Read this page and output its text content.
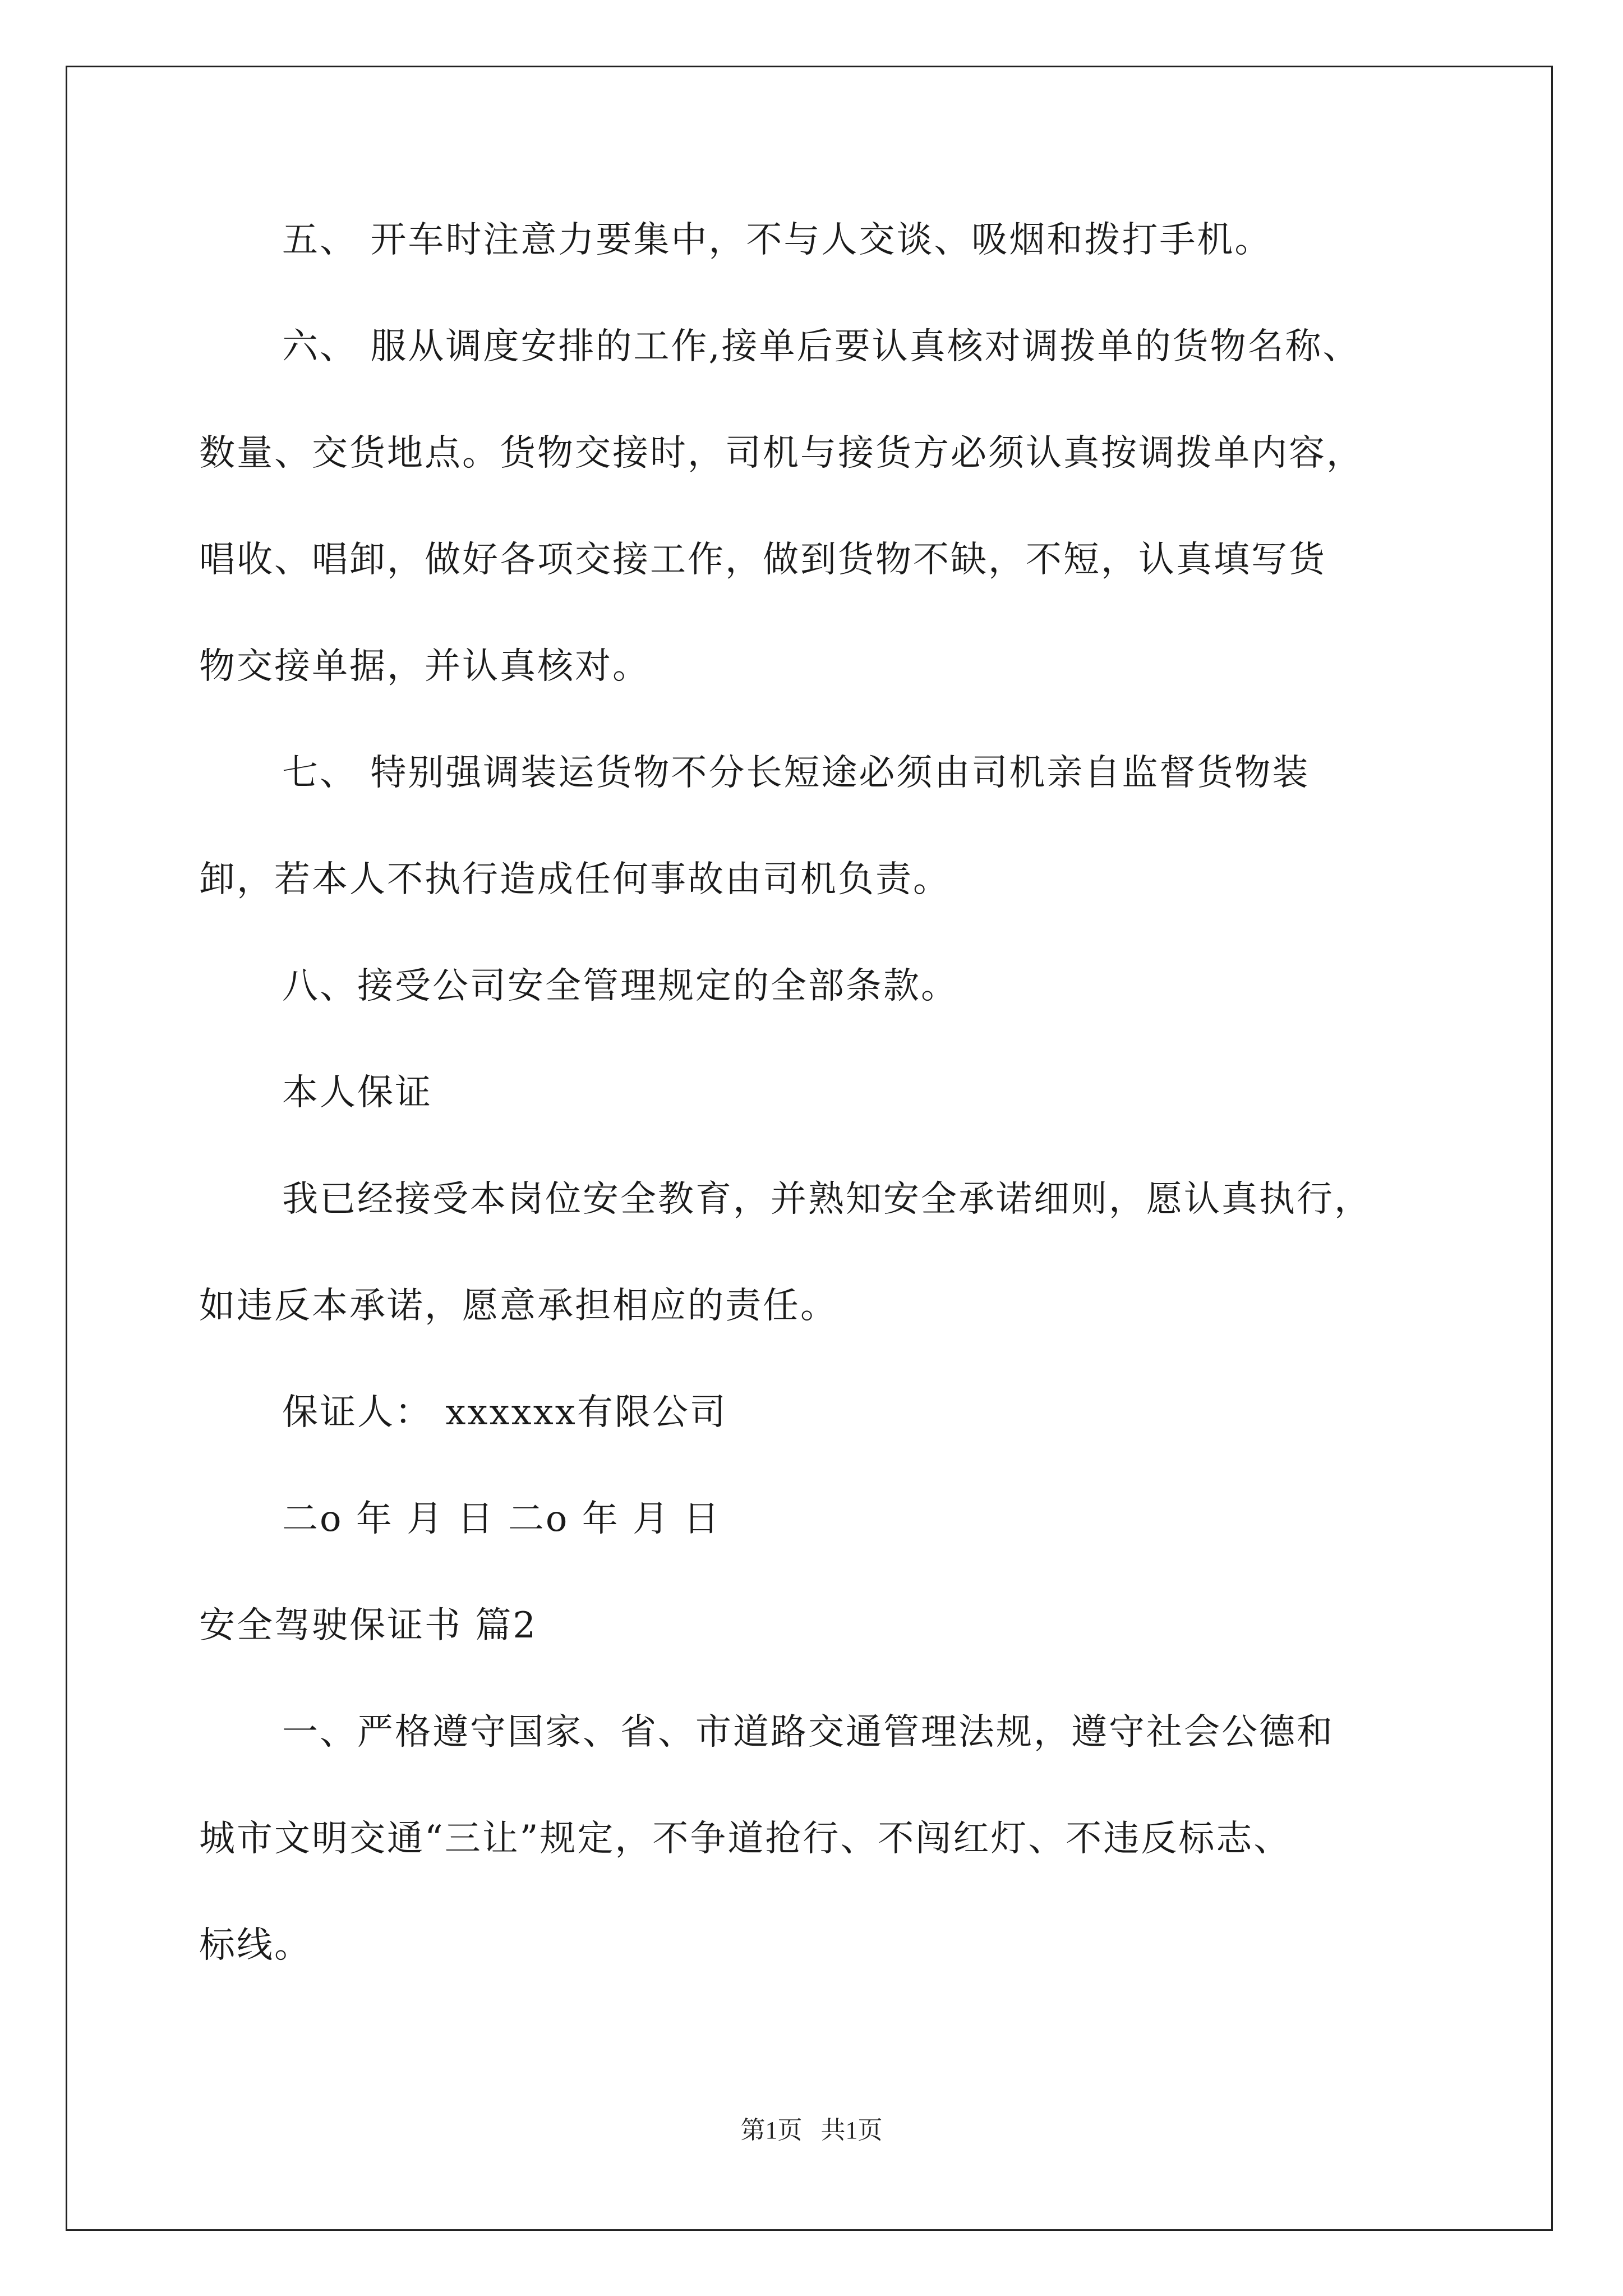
五、 开车时注意力要集中，不与人交谈、吸烟和拨打手机。
六、 服从调度安排的工作,接单后要认真核对调拨单的货物名称、
数量、交货地点。货物交接时，司机与接货方必须认真按调拨单内容，
唱收、唱卸，做好各项交接工作，做到货物不缺，不短，认真填写货
物交接单据，并认真核对。
七、 特别强调装运货物不分长短途必须由司机亲自监督货物装
卸，若本人不执行造成任何事故由司机负责。
八、接受公司安全管理规定的全部条款。
本人保证
我已经接受本岗位安全教育，并熟知安全承诺细则，愿认真执行，
如违反本承诺，愿意承担相应的责任。
保证人： xxxxxx有限公司
二o 年 月 日 二o 年 月 日
安全驾驶保证书 篇2
一、严格遵守国家、省、市道路交通管理法规，遵守社会公德和
城市文明交通“三让”规定，不争道抢行、不闯红灯、不违反标志、
标线。
第1页 共1页
